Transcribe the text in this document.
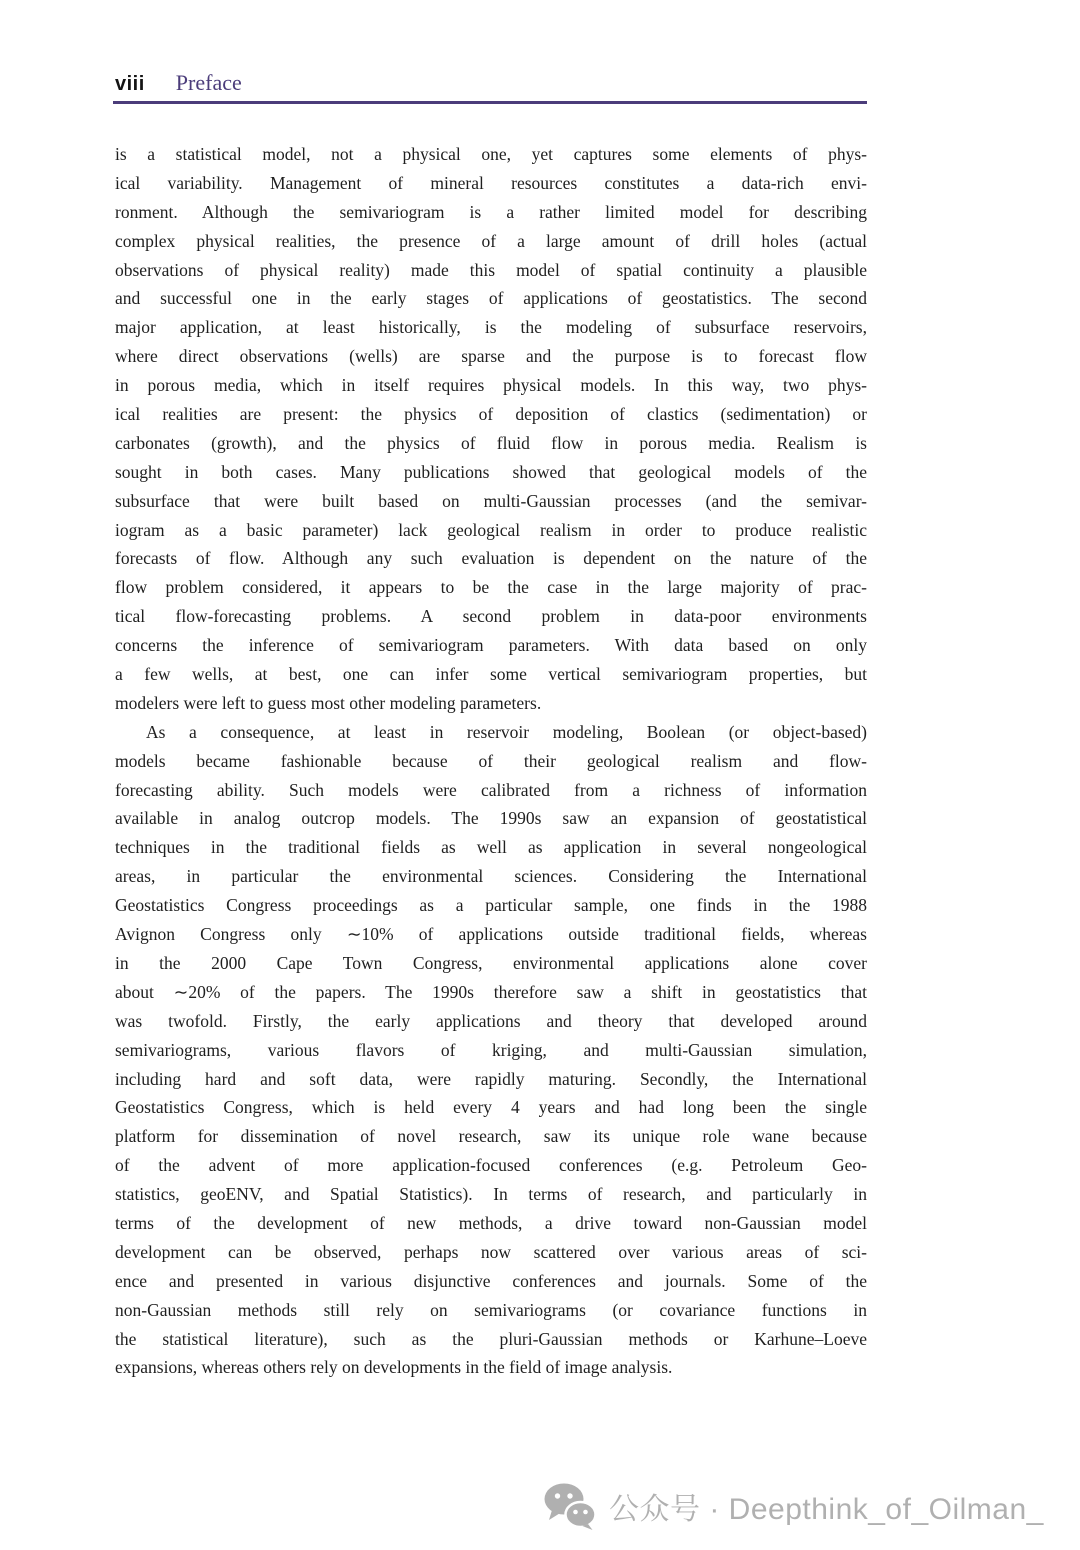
viii Preface
is a statistical model, not a physical one, yet captures some elements of phys-
ical variability. Management of mineral resources constitutes a data-rich envi-
ronment. Although the semivariogram is a rather limited model for describing
complex physical realities, the presence of a large amount of drill holes (actual
observations of physical reality) made this model of spatial continuity a plausible
and successful one in the early stages of applications of geostatistics. The second
major application, at least historically, is the modeling of subsurface reservoirs,
where direct observations (wells) are sparse and the purpose is to forecast flow
in porous media, which in itself requires physical models. In this way, two phys-
ical realities are present: the physics of deposition of clastics (sedimentation) or
carbonates (growth), and the physics of fluid flow in porous media. Realism is
sought in both cases. Many publications showed that geological models of the
subsurface that were built based on multi-Gaussian processes (and the semivar-
iogram as a basic parameter) lack geological realism in order to produce realistic
forecasts of flow. Although any such evaluation is dependent on the nature of the
flow problem considered, it appears to be the case in the large majority of prac-
tical flow-forecasting problems. A second problem in data-poor environments
concerns the inference of semivariogram parameters. With data based on only
a few wells, at best, one can infer some vertical semivariogram properties, but
modelers were left to guess most other modeling parameters.
As a consequence, at least in reservoir modeling, Boolean (or object-based)
models became fashionable because of their geological realism and flow-
forecasting ability. Such models were calibrated from a richness of information
available in analog outcrop models. The 1990s saw an expansion of geostatistical
techniques in the traditional fields as well as application in several nongeological
areas, in particular the environmental sciences. Considering the International
Geostatistics Congress proceedings as a particular sample, one finds in the 1988
Avignon Congress only ∼10% of applications outside traditional fields, whereas
in the 2000 Cape Town Congress, environmental applications alone cover
about ∼20% of the papers. The 1990s therefore saw a shift in geostatistics that
was twofold. Firstly, the early applications and theory that developed around
semivariograms, various flavors of kriging, and multi-Gaussian simulation,
including hard and soft data, were rapidly maturing. Secondly, the International
Geostatistics Congress, which is held every 4 years and had long been the single
platform for dissemination of novel research, saw its unique role wane because
of the advent of more application-focused conferences (e.g. Petroleum Geo-
statistics, geoENV, and Spatial Statistics). In terms of research, and particularly in
terms of the development of new methods, a drive toward non-Gaussian model
development can be observed, perhaps now scattered over various areas of sci-
ence and presented in various disjunctive conferences and journals. Some of the
non-Gaussian methods still rely on semivariograms (or covariance functions in
the statistical literature), such as the pluri-Gaussian methods or Karhune–Loeve
expansions, whereas others rely on developments in the field of image analysis.
公众号 · Deepthink_of_Oilman_
